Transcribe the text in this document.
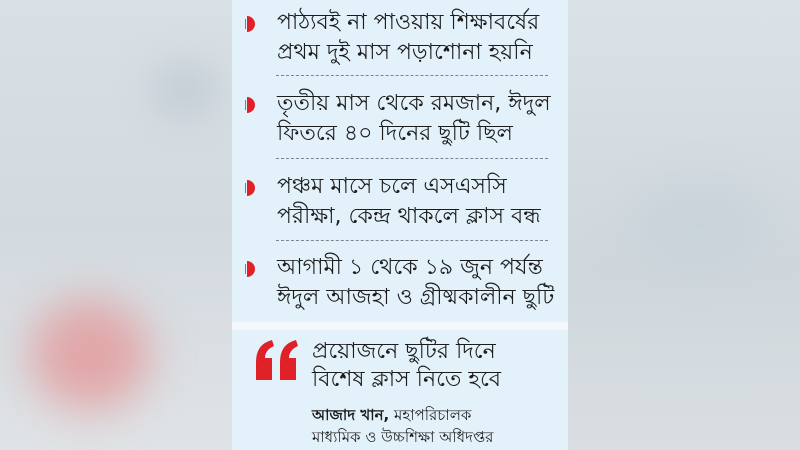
পাঠ্যবই না পাওয়ায় শিক্ষাবর্ষের
প্রথম দুই মাস পড়াশোনা হয়নি
তৃতীয় মাস থেকে রমজান, ঈদুল
ফিতরে ৪০ দিনের ছুটি ছিল
পঞ্চম মাসে চলে এসএসসি
পরীক্ষা, কেন্দ্র থাকলে ক্লাস বন্ধ
আগামী ১ থেকে ১৯ জুন পর্যন্ত
ঈদুল আজহা ও গ্রীষ্মকালীন ছুটি
প্রয়োজনে ছুটির দিনে
বিশেষ ক্লাস নিতে হবে
আজাদ খান, মহাপরিচালক
মাধ্যমিক ও উচ্চশিক্ষা অধিদপ্তর
